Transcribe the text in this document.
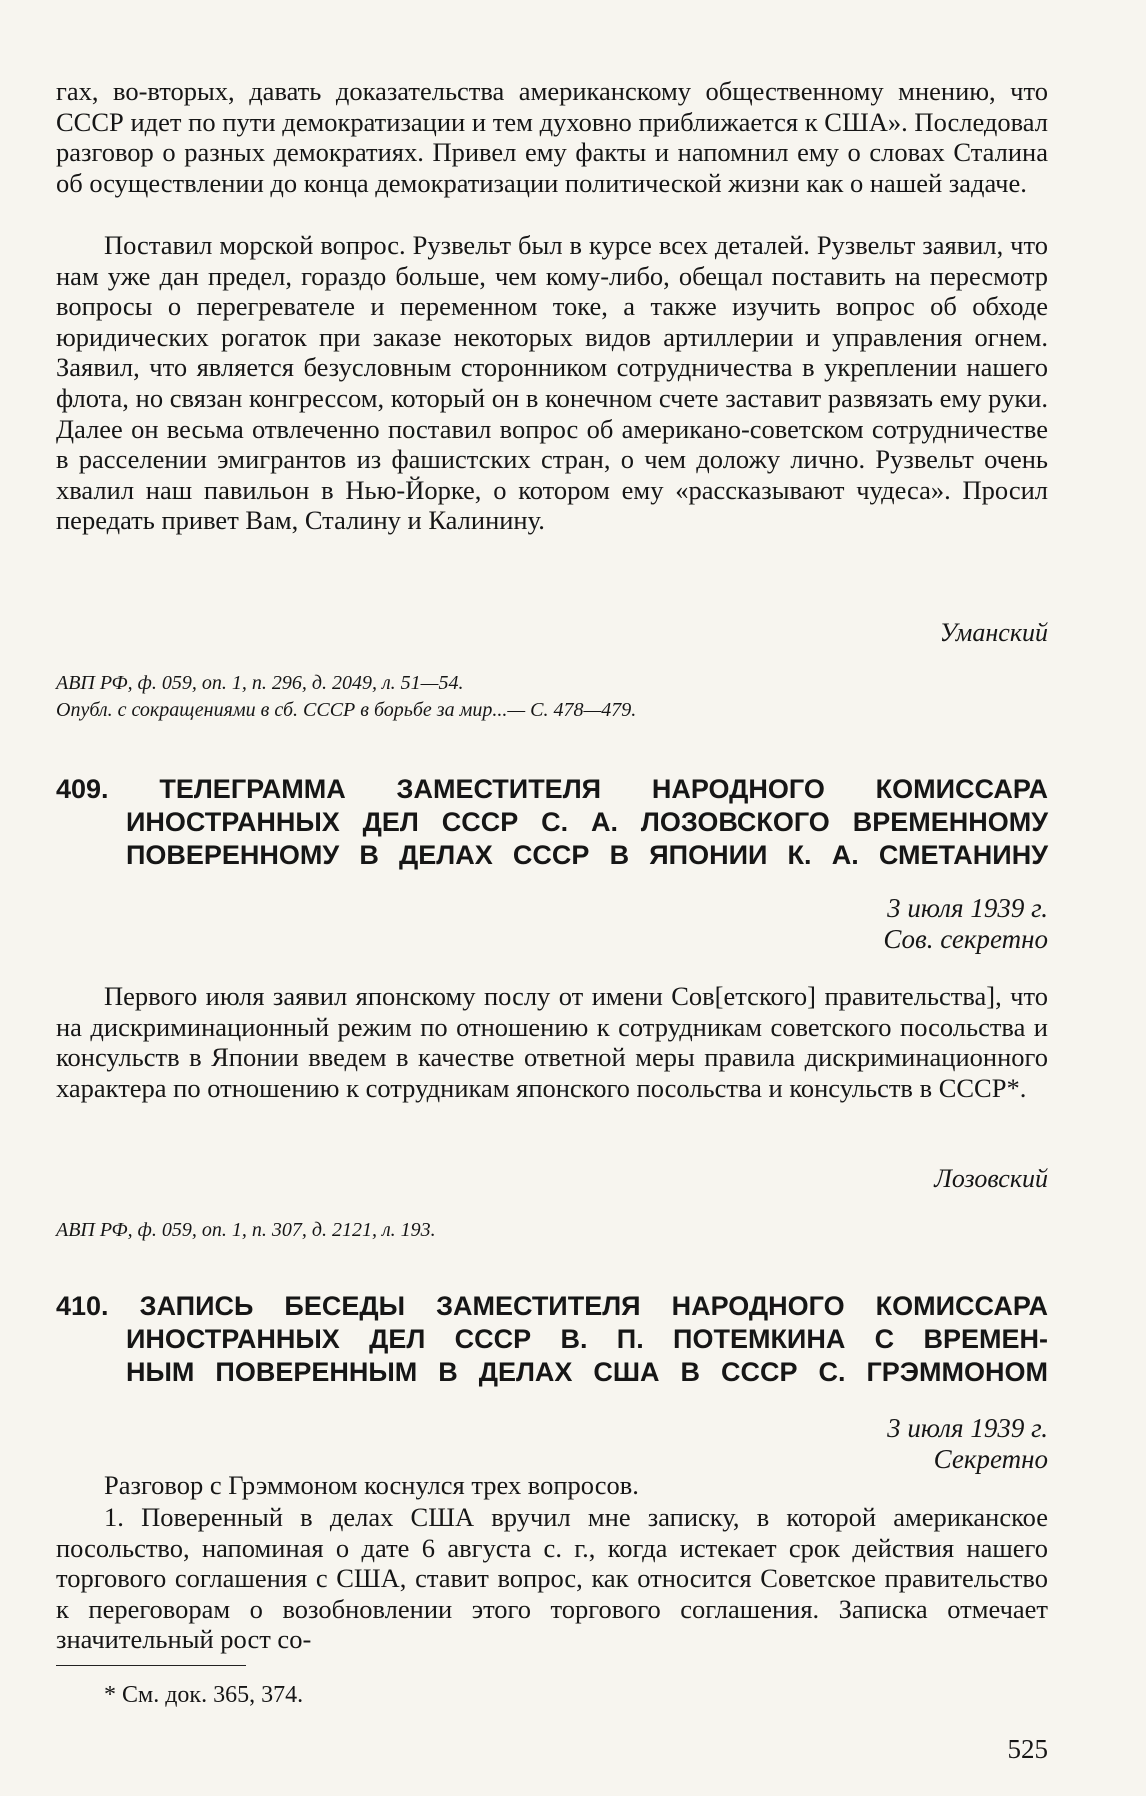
гах, во-вторых, давать доказательства американскому общественному мнению, что СССР идет по пути демократизации и тем духовно приближается к США». Последовал разговор о разных демократиях. Привел ему факты и напомнил ему о словах Сталина об осуществлении до конца демократизации политической жизни как о нашей задаче.

Поставил морской вопрос. Рузвельт был в курсе всех деталей. Рузвельт заявил, что нам уже дан предел, гораздо больше, чем кому-либо, обещал поставить на пересмотр вопросы о перегревателе и переменном токе, а также изучить вопрос об обходе юридических рогаток при заказе некоторых видов артиллерии и управления огнем. Заявил, что является безусловным сторонником сотрудничества в укреплении нашего флота, но связан конгрессом, который он в конечном счете заставит развязать ему руки. Далее он весьма отвлеченно поставил вопрос об американо-советском сотрудничестве в расселении эмигрантов из фашистских стран, о чем доложу лично. Рузвельт очень хвалил наш павильон в Нью-Йорке, о котором ему «рассказывают чудеса». Просил передать привет Вам, Сталину и Калинину.

Уманский

АВП РФ, ф. 059, оп. 1, п. 296, д. 2049, л. 51—54.

Опубл. с сокращениями в сб. СССР в борьбе за мир...— С. 478—479.

409. ТЕЛЕГРАММА ЗАМЕСТИТЕЛЯ НАРОДНОГО КОМИССАРА
ИНОСТРАННЫХ ДЕЛ СССР С. А. ЛОЗОВСКОГО ВРЕМЕННОМУ
ПОВЕРЕННОМУ В ДЕЛАХ СССР В ЯПОНИИ К. А. СМЕТАНИНУ
3 июля 1939 г.
Сов. секретно

Первого июля заявил японскому послу от имени Сов[етского] правительства], что на дискриминационный режим по отношению к сотрудникам советского посольства и консульств в Японии введем в качестве ответной меры правила дискриминационного характера по отношению к сотрудникам японского посольства и консульств в СССР*.

Лозовский

АВП РФ, ф. 059, оп. 1, п. 307, д. 2121, л. 193.

410. ЗАПИСЬ БЕСЕДЫ ЗАМЕСТИТЕЛЯ НАРОДНОГО КОМИССАРА
ИНОСТРАННЫХ ДЕЛ СССР В. П. ПОТЕМКИНА С ВРЕМЕН-
НЫМ ПОВЕРЕННЫМ В ДЕЛАХ США В СССР С. ГРЭММОНОМ
3 июля 1939 г.
Секретно

Разговор с Грэммоном коснулся трех вопросов.

1. Поверенный в делах США вручил мне записку, в которой американское посольство, напоминая о дате 6 августа с. г., когда истекает срок действия нашего торгового соглашения с США, ставит вопрос, как относится Советское правительство к переговорам о возобновлении этого торгового соглашения. Записка отмечает значительный рост со-

* См. док. 365, 374.

525
